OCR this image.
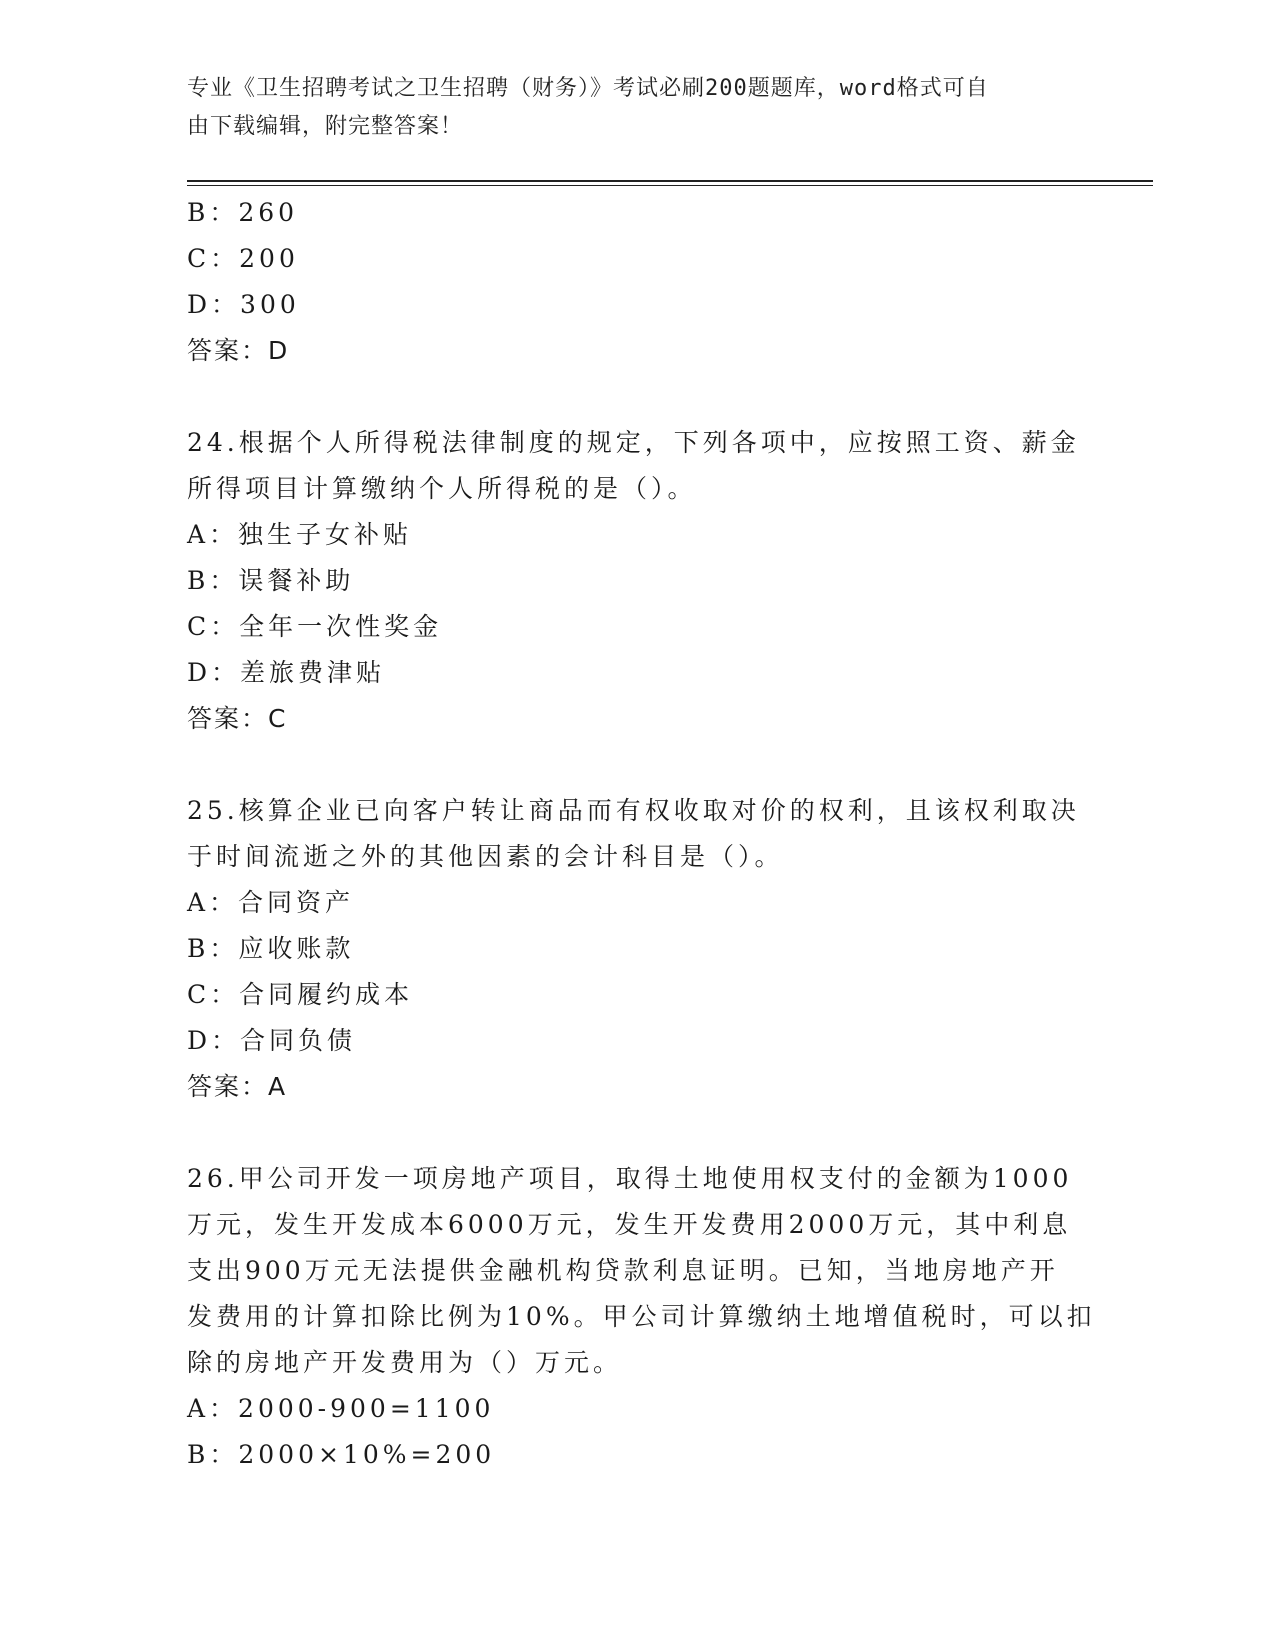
专业《卫生招聘考试之卫生招聘（财务）》考试必刷200题题库，word格式可自
由下载编辑，附完整答案！
B：260
C：200
D：300
答案：D
24.根据个人所得税法律制度的规定，下列各项中，应按照工资、薪金
所得项目计算缴纳个人所得税的是（）。
A：独生子女补贴
B：误餐补助
C：全年一次性奖金
D：差旅费津贴
答案：C
25.核算企业已向客户转让商品而有权收取对价的权利，且该权利取决
于时间流逝之外的其他因素的会计科目是（）。
A：合同资产
B：应收账款
C：合同履约成本
D：合同负债
答案：A
26.甲公司开发一项房地产项目，取得土地使用权支付的金额为1000
万元，发生开发成本6000万元，发生开发费用2000万元，其中利息
支出900万元无法提供金融机构贷款利息证明。已知，当地房地产开
发费用的计算扣除比例为10%。甲公司计算缴纳土地增值税时，可以扣
除的房地产开发费用为（）万元。
A：2000-900=1100
B：2000×10%=200
